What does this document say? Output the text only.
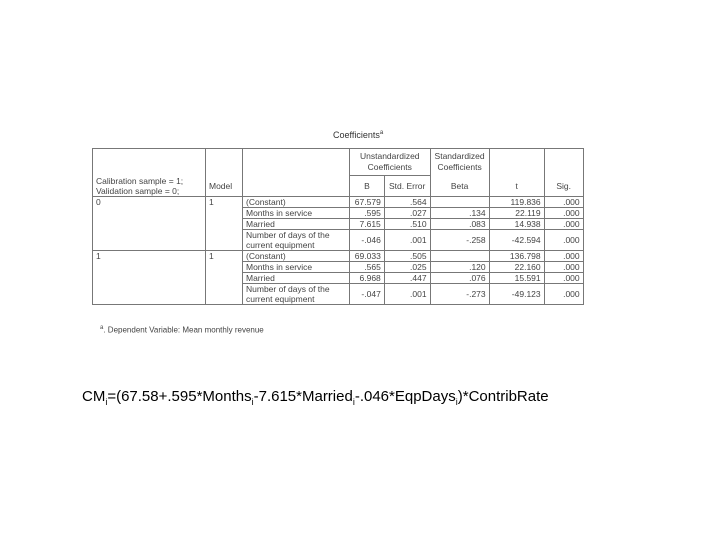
Coefficients$^a$
			Unstandardized Coefficients		Standardized Coefficients		

Calibration sample = 1;
Validation sample = 0;	Model		B	Std. Error	Beta	t	Sig.
0	1	(Constant)	67.579	.564		119.836	.000
		Months in service	.595	.027	.134	22.119	.000
		Married	7.615	.510	.083	14.938	.000
		Number of days of the current equipment	-.046	.001	-.258	-42.594	.000
1	1	(Constant)	69.033	.505		136.798	.000
		Months in service	.565	.025	.120	22.160	.000
		Married	6.968	.447	.076	15.591	.000
		Number of days of the current equipment	-.047	.001	-.273	-49.123	.000
$^a$. Dependent Variable: Mean monthly revenue
$CM_i=(67.58+.595*Months_i-7.615*Married_i-.046*EqpDays_i)*ContribRate$
